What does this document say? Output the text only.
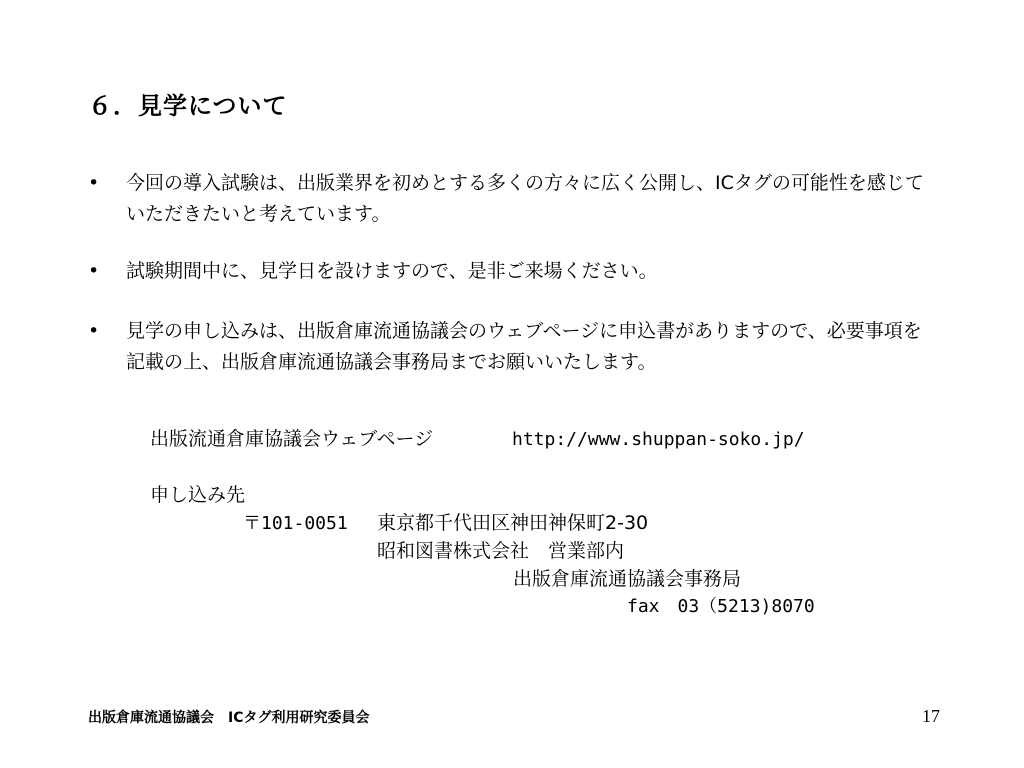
６．見学について
• 今回の導入試験は、出版業界を初めとする多くの方々に広く公開し、ICタグの可能性を感じていただきたいと考えています。
• 試験期間中に、見学日を設けますので、是非ご来場ください。
• 見学の申し込みは、出版倉庫流通協議会のウェブページに申込書がありますので、必要事項を記載の上、出版倉庫流通協議会事務局までお願いいたします。
出版流通倉庫協議会ウェブページ	http://www.shuppan-soko.jp/
申し込み先
〒101-0051 東京都千代田区神田神保町2-30
昭和図書株式会社　営業部内
出版倉庫流通協議会事務局
fax　03（5213)8070
出版倉庫流通協議会　ICタグ利用研究委員会	17
